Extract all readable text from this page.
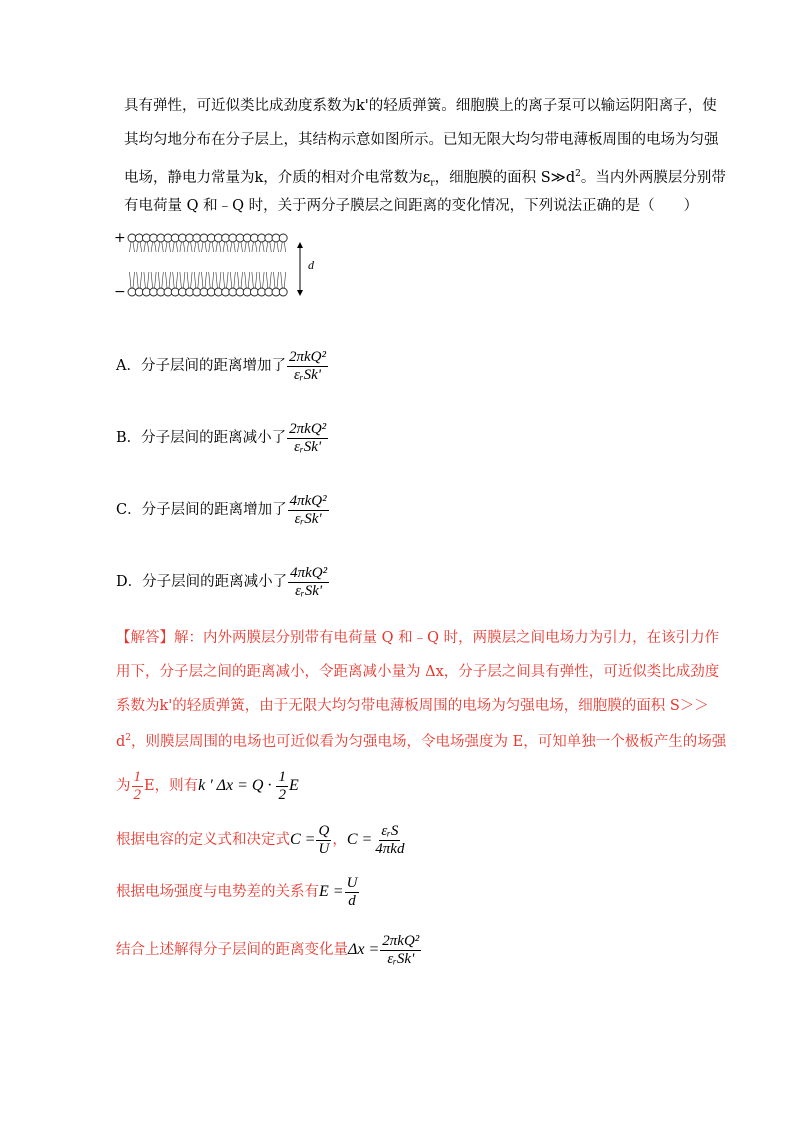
具有弹性，可近似类比成劲度系数为k'的轻质弹簧。细胞膜上的离子泵可以输运阴阳离子，使
其均匀地分布在分子层上，其结构示意如图所示。已知无限大均匀带电薄板周围的电场为匀强
电场，静电力常量为k，介质的相对介电常数为$\varepsilon_r$，细胞膜的面积 $S≫d^2$。当内外两膜层分别带
有电荷量 Q 和﹣Q 时，关于两分子膜层之间距离的变化情况，下列说法正确的是（　　）
+
−
d
A．分子层间的距离增加了 $\frac{\text{2πkQ²}}{\text{εᵣSk'}}$
B．分子层间的距离减小了 $\frac{\text{2πkQ²}}{\text{εᵣSk'}}$
C．分子层间的距离增加了 $\frac{\text{4πkQ²}}{\text{εᵣSk'}}$
D．分子层间的距离减小了 $\frac{\text{4πkQ²}}{\text{εᵣSk'}}$
【解答】解：内外两膜层分别带有电荷量 Q 和﹣Q 时，两膜层之间电场力为引力，在该引力作
用下，分子层之间的距离减小，令距离减小量为 Δx，分子层之间具有弹性，可近似类比成劲度
系数为k'的轻质弹簧，由于无限大均匀带电薄板周围的电场为匀强电场，细胞膜的面积 S＞＞
$d^2$，则膜层周围的电场也可近似看为匀强电场，令电场强度为 E，可知单独一个极板产生的场强
为 $\frac{1}{2}$ E，则有k ' $\Delta x = Q \cdot \frac{1}{2}$ E
根据电容的定义式和决定式$C = \frac{Q}{U}$ ，$C = \frac{\text{εᵣS}}{\text{4πkd}}$
根据电场强度与电势差的关系有$E = \frac{U}{d}$
结合上述解得分子层间的距离变化量$\Delta x = \frac{\text{2πkQ²}}{\text{εᵣSk'}}$
